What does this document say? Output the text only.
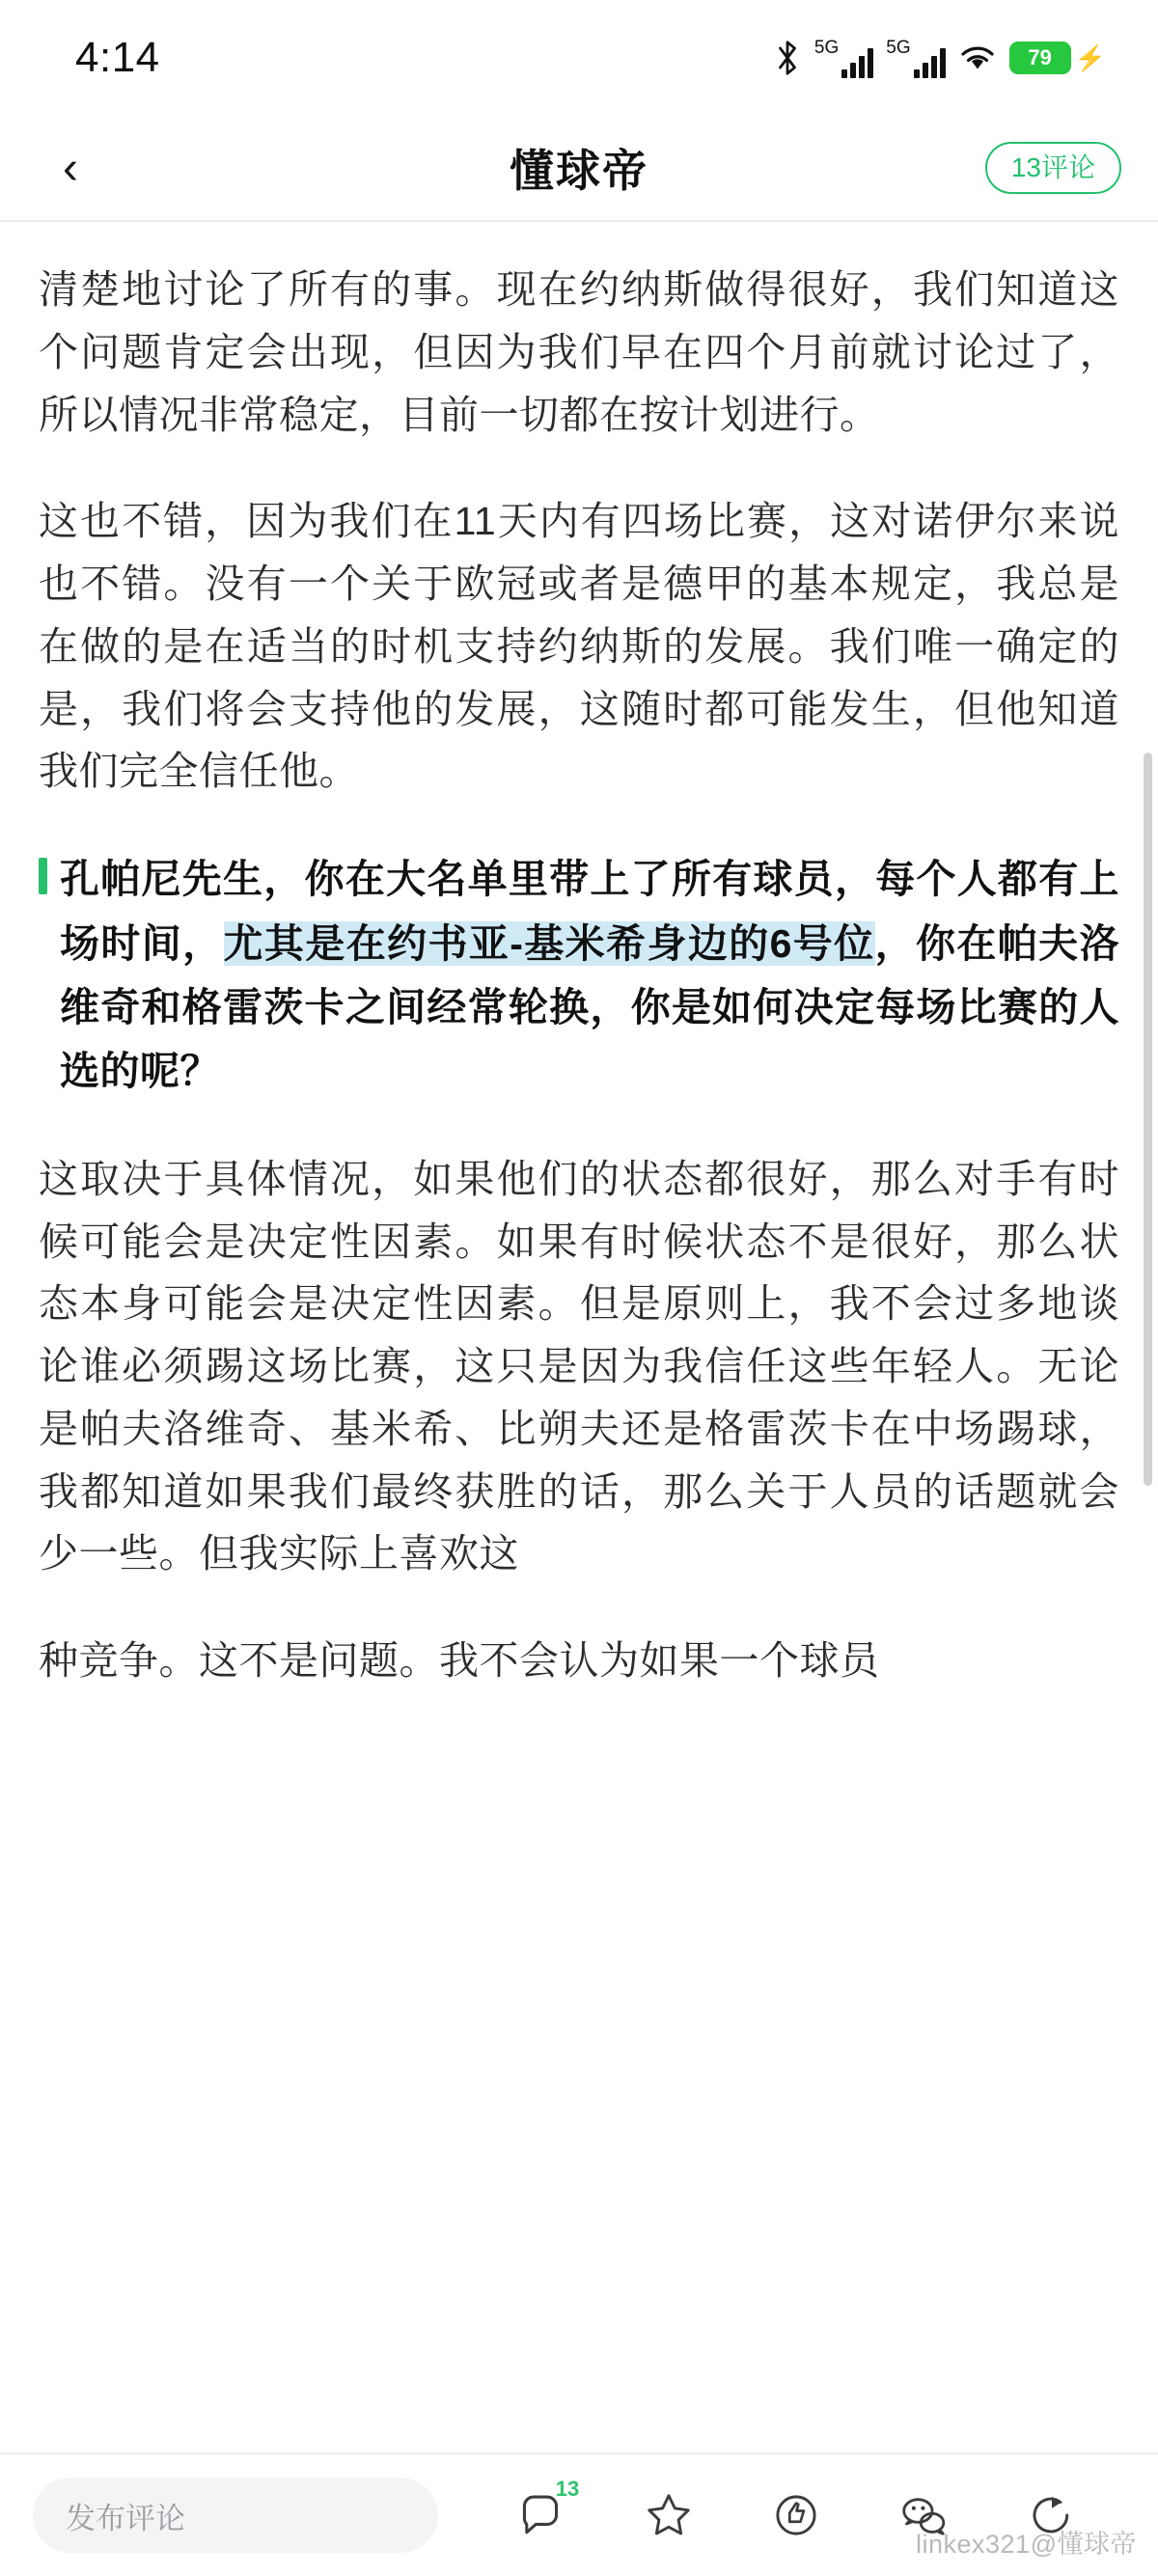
4:14	5G	5G	79 ⚡
‹	懂球帝	13评论

清楚地讨论了所有的事。现在约纳斯做得很好，我们知道这个问题肯定会出现，但因为我们早在四个月前就讨论过了，所以情况非常稳定，目前一切都在按计划进行。

这也不错，因为我们在11天内有四场比赛，这对诺伊尔来说也不错。没有一个关于欧冠或者是德甲的基本规定，我总是在做的是在适当的时机支持约纳斯的发展。我们唯一确定的是，我们将会支持他的发展，这随时都可能发生，但他知道我们完全信任他。

孔帕尼先生，你在大名单里带上了所有球员，每个人都有上场时间，尤其是在约书亚-基米希身边的6号位，你在帕夫洛维奇和格雷茨卡之间经常轮换，你是如何决定每场比赛的人选的呢？

这取决于具体情况，如果他们的状态都很好，那么对手有时候可能会是决定性因素。如果有时候状态不是很好，那么状态本身可能会是决定性因素。但是原则上，我不会过多地谈论谁必须踢这场比赛，这只是因为我信任这些年轻人。无论是帕夫洛维奇、基米希、比朔夫还是格雷茨卡在中场踢球，我都知道如果我们最终获胜的话，那么关于人员的话题就会少一些。但我实际上喜欢这

种竞争。这不是问题。我不会认为如果一个球员

发布评论
13
linkex321@懂球帝
